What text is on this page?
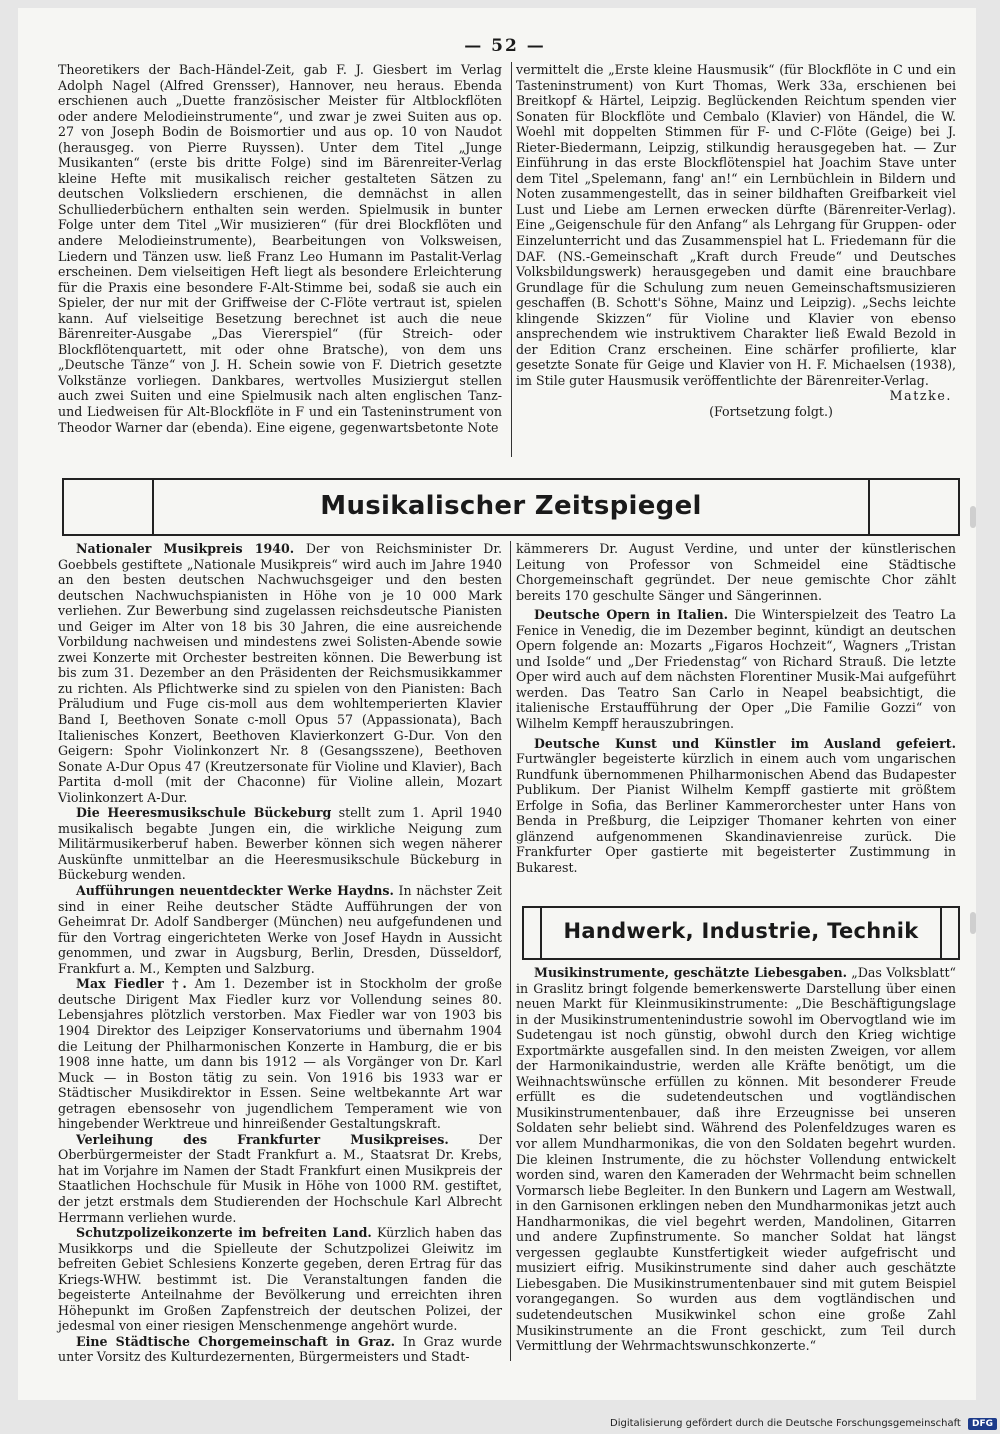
— 52 —

Theoretikers der Bach-Händel-Zeit, gab F. J. Giesbert im Verlag Adolph Nagel (Alfred Grensser), Hannover, neu heraus. Ebenda erschienen auch „Duette französischer Meister für Altblockflöten oder andere Melodieinstrumente“, und zwar je zwei Suiten aus op. 27 von Joseph Bodin de Boismortier und aus op. 10 von Naudot (herausgeg. von Pierre Ruyssen). Unter dem Titel „Junge Musikanten“ (erste bis dritte Folge) sind im Bärenreiter-Verlag kleine Hefte mit musikalisch reicher gestalteten Sätzen zu deutschen Volksliedern erschienen, die demnächst in allen Schulliederbüchern enthalten sein werden. Spielmusik in bunter Folge unter dem Titel „Wir musizieren“ (für drei Blockflöten und andere Melodieinstrumente), Bearbeitungen von Volksweisen, Liedern und Tänzen usw. ließ Franz Leo Humann im Pastalit-Verlag erscheinen. Dem vielseitigen Heft liegt als besondere Erleichterung für die Praxis eine besondere F-Alt-Stimme bei, sodaß sie auch ein Spieler, der nur mit der Griffweise der C-Flöte vertraut ist, spielen kann. Auf vielseitige Besetzung berechnet ist auch die neue Bärenreiter-Ausgabe „Das Viererspiel“ (für Streich- oder Blockflötenquartett, mit oder ohne Bratsche), von dem uns „Deutsche Tänze“ von J. H. Schein sowie von F. Dietrich gesetzte Volkstänze vorliegen. Dankbares, wertvolles Musiziergut stellen auch zwei Suiten und eine Spielmusik nach alten englischen Tanz- und Liedweisen für Alt-Blockflöte in F und ein Tasteninstrument von Theodor Warner dar (ebenda). Eine eigene, gegenwartsbetonte Note

vermittelt die „Erste kleine Hausmusik“ (für Blockflöte in C und ein Tasteninstrument) von Kurt Thomas, Werk 33a, erschienen bei Breitkopf & Härtel, Leipzig. Beglückenden Reichtum spenden vier Sonaten für Blockflöte und Cembalo (Klavier) von Händel, die W. Woehl mit doppelten Stimmen für F- und C-Flöte (Geige) bei J. Rieter-Biedermann, Leipzig, stilkundig herausgegeben hat. — Zur Einführung in das erste Blockflötenspiel hat Joachim Stave unter dem Titel „Spelemann, fang' an!“ ein Lernbüchlein in Bildern und Noten zusammengestellt, das in seiner bildhaften Greifbarkeit viel Lust und Liebe am Lernen erwecken dürfte (Bärenreiter-Verlag). Eine „Geigenschule für den Anfang“ als Lehrgang für Gruppen- oder Einzelunterricht und das Zusammenspiel hat L. Friedemann für die DAF. (NS.-Gemeinschaft „Kraft durch Freude“ und Deutsches Volksbildungswerk) herausgegeben und damit eine brauchbare Grundlage für die Schulung zum neuen Gemeinschaftsmusizieren geschaffen (B. Schott's Söhne, Mainz und Leipzig). „Sechs leichte klingende Skizzen“ für Violine und Klavier von ebenso ansprechendem wie instruktivem Charakter ließ Ewald Bezold in der Edition Cranz erscheinen. Eine schärfer profilierte, klar gesetzte Sonate für Geige und Klavier von H. F. Michaelsen (1938), im Stile guter Hausmusik veröffentlichte der Bärenreiter-Verlag.

Matzke.

(Fortsetzung folgt.)

Musikalischer Zeitspiegel

Nationaler Musikpreis 1940. Der von Reichsminister Dr. Goebbels gestiftete „Nationale Musikpreis“ wird auch im Jahre 1940 an den besten deutschen Nachwuchsgeiger und den besten deutschen Nachwuchspianisten in Höhe von je 10 000 Mark verliehen. Zur Bewerbung sind zugelassen reichsdeutsche Pianisten und Geiger im Alter von 18 bis 30 Jahren, die eine ausreichende Vorbildung nachweisen und mindestens zwei Solisten-Abende sowie zwei Konzerte mit Orchester bestreiten können. Die Bewerbung ist bis zum 31. Dezember an den Präsidenten der Reichsmusikkammer zu richten. Als Pflichtwerke sind zu spielen von den Pianisten: Bach Präludium und Fuge cis-moll aus dem wohltemperierten Klavier Band I, Beethoven Sonate c-moll Opus 57 (Appassionata), Bach Italienisches Konzert, Beethoven Klavierkonzert G-Dur. Von den Geigern: Spohr Violinkonzert Nr. 8 (Gesangsszene), Beethoven Sonate A-Dur Opus 47 (Kreutzersonate für Violine und Klavier), Bach Partita d-moll (mit der Chaconne) für Violine allein, Mozart Violinkonzert A-Dur.

Die Heeresmusikschule Bückeburg stellt zum 1. April 1940 musikalisch begabte Jungen ein, die wirkliche Neigung zum Militärmusikerberuf haben. Bewerber können sich wegen näherer Auskünfte unmittelbar an die Heeresmusikschule Bückeburg in Bückeburg wenden.

Aufführungen neuentdeckter Werke Haydns. In nächster Zeit sind in einer Reihe deutscher Städte Aufführungen der von Geheimrat Dr. Adolf Sandberger (München) neu aufgefundenen und für den Vortrag eingerichteten Werke von Josef Haydn in Aussicht genommen, und zwar in Augsburg, Berlin, Dresden, Düsseldorf, Frankfurt a. M., Kempten und Salzburg.

Max Fiedler †. Am 1. Dezember ist in Stockholm der große deutsche Dirigent Max Fiedler kurz vor Vollendung seines 80. Lebensjahres plötzlich verstorben. Max Fiedler war von 1903 bis 1904 Direktor des Leipziger Konservatoriums und übernahm 1904 die Leitung der Philharmonischen Konzerte in Hamburg, die er bis 1908 inne hatte, um dann bis 1912 — als Vorgänger von Dr. Karl Muck — in Boston tätig zu sein. Von 1916 bis 1933 war er Städtischer Musikdirektor in Essen. Seine weltbekannte Art war getragen ebensosehr von jugendlichem Temperament wie von hingebender Werktreue und hinreißender Gestaltungskraft.

Verleihung des Frankfurter Musikpreises. Der Oberbürgermeister der Stadt Frankfurt a. M., Staatsrat Dr. Krebs, hat im Vorjahre im Namen der Stadt Frankfurt einen Musikpreis der Staatlichen Hochschule für Musik in Höhe von 1000 RM. gestiftet, der jetzt erstmals dem Studierenden der Hochschule Karl Albrecht Herrmann verliehen wurde.

Schutzpolizeikonzerte im befreiten Land. Kürzlich haben das Musikkorps und die Spielleute der Schutzpolizei Gleiwitz im befreiten Gebiet Schlesiens Konzerte gegeben, deren Ertrag für das Kriegs-WHW. bestimmt ist. Die Veranstaltungen fanden die begeisterte Anteilnahme der Bevölkerung und erreichten ihren Höhepunkt im Großen Zapfenstreich der deutschen Polizei, der jedesmal von einer riesigen Menschenmenge angehört wurde.

Eine Städtische Chorgemeinschaft in Graz. In Graz wurde unter Vorsitz des Kulturdezernenten, Bürgermeisters und Stadt-

kämmerers Dr. August Verdine, und unter der künstlerischen Leitung von Professor von Schmeidel eine Städtische Chorgemeinschaft gegründet. Der neue gemischte Chor zählt bereits 170 geschulte Sänger und Sängerinnen.

Deutsche Opern in Italien. Die Winterspielzeit des Teatro La Fenice in Venedig, die im Dezember beginnt, kündigt an deutschen Opern folgende an: Mozarts „Figaros Hochzeit“, Wagners „Tristan und Isolde“ und „Der Friedenstag“ von Richard Strauß. Die letzte Oper wird auch auf dem nächsten Florentiner Musik-Mai aufgeführt werden. Das Teatro San Carlo in Neapel beabsichtigt, die italienische Erstaufführung der Oper „Die Familie Gozzi“ von Wilhelm Kempff herauszubringen.

Deutsche Kunst und Künstler im Ausland gefeiert. Furtwängler begeisterte kürzlich in einem auch vom ungarischen Rundfunk übernommenen Philharmonischen Abend das Budapester Publikum. Der Pianist Wilhelm Kempff gastierte mit größtem Erfolge in Sofia, das Berliner Kammerorchester unter Hans von Benda in Preßburg, die Leipziger Thomaner kehrten von einer glänzend aufgenommenen Skandinavienreise zurück. Die Frankfurter Oper gastierte mit begeisterter Zustimmung in Bukarest.

Handwerk, Industrie, Technik

Musikinstrumente, geschätzte Liebesgaben. „Das Volksblatt“ in Graslitz bringt folgende bemerkenswerte Darstellung über einen neuen Markt für Kleinmusikinstrumente: „Die Beschäftigungslage in der Musikinstrumentenindustrie sowohl im Obervogtland wie im Sudetengau ist noch günstig, obwohl durch den Krieg wichtige Exportmärkte ausgefallen sind. In den meisten Zweigen, vor allem der Harmonikaindustrie, werden alle Kräfte benötigt, um die Weihnachtswünsche erfüllen zu können. Mit besonderer Freude erfüllt es die sudetendeutschen und vogtländischen Musikinstrumentenbauer, daß ihre Erzeugnisse bei unseren Soldaten sehr beliebt sind. Während des Polenfeldzuges waren es vor allem Mundharmonikas, die von den Soldaten begehrt wurden. Die kleinen Instrumente, die zu höchster Vollendung entwickelt worden sind, waren den Kameraden der Wehrmacht beim schnellen Vormarsch liebe Begleiter. In den Bunkern und Lagern am Westwall, in den Garnisonen erklingen neben den Mundharmonikas jetzt auch Handharmonikas, die viel begehrt werden, Mandolinen, Gitarren und andere Zupfinstrumente. So mancher Soldat hat längst vergessen geglaubte Kunstfertigkeit wieder aufgefrischt und musiziert eifrig. Musikinstrumente sind daher auch geschätzte Liebesgaben. Die Musikinstrumentenbauer sind mit gutem Beispiel vorangegangen. So wurden aus dem vogtländischen und sudetendeutschen Musikwinkel schon eine große Zahl Musikinstrumente an die Front geschickt, zum Teil durch Vermittlung der Wehrmachtswunschkonzerte.“

Digitalisierung gefördert durch die Deutsche Forschungsgemeinschaft DFG
